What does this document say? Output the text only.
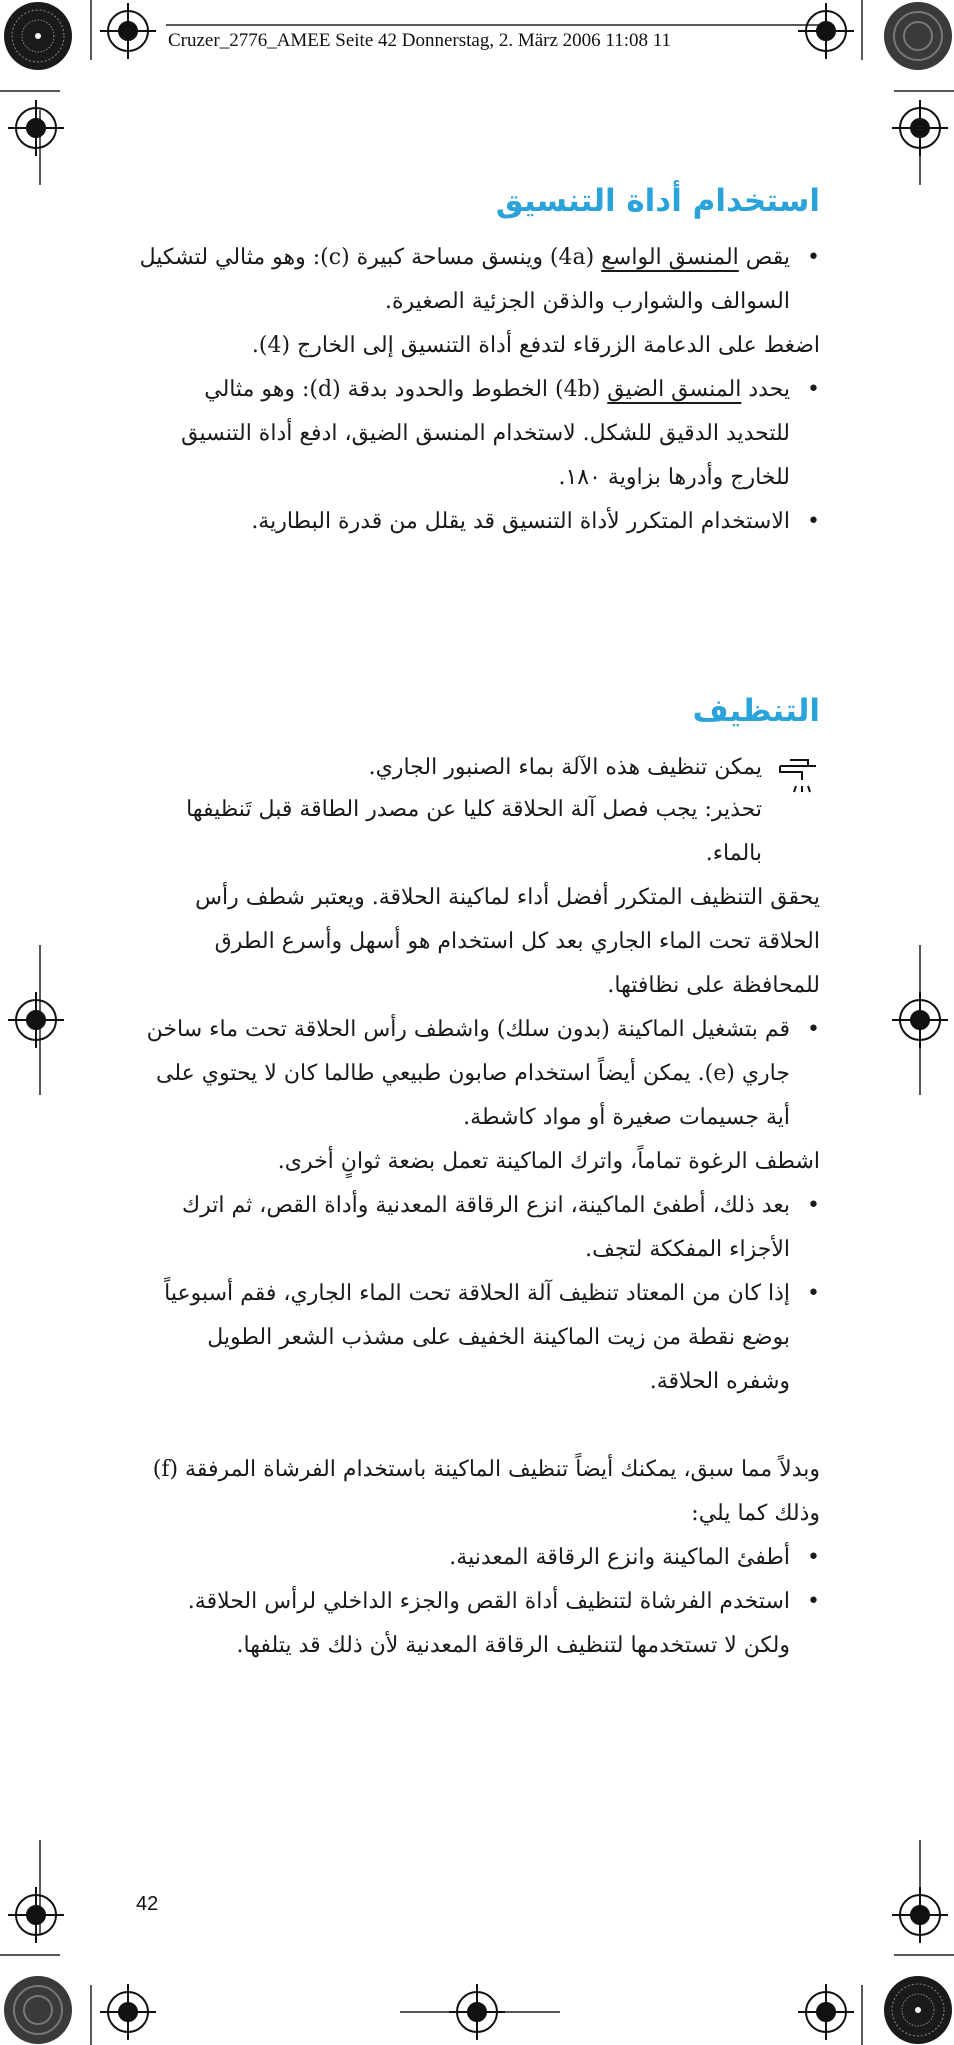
Cruzer_2776_AMEE Seite 42 Donnerstag, 2. März 2006 11:08 11
استخدام أداة التنسيق
• يقص المنسق الواسع (4a) وينسق مساحة كبيرة (c): وهو مثالي لتشكيل السوالف والشوارب والذقن الجزئية الصغيرة.

اضغط على الدعامة الزرقاء لتدفع أداة التنسيق إلى الخارج (4).

• يحدد المنسق الضيق (4b) الخطوط والحدود بدقة (d): وهو مثالي للتحديد الدقيق للشكل. لاستخدام المنسق الضيق، ادفع أداة التنسيق للخارج وأدرها بزاوية ١٨٠.
• الاستخدام المتكرر لأداة التنسيق قد يقلل من قدرة البطارية.
التنظيف
يمكن تنظيف هذه الآلة بماء الصنبور الجاري.
تحذير: يجب فصل آلة الحلاقة كليا عن مصدر الطاقة قبل تَنظيفها بالماء.

يحقق التنظيف المتكرر أفضل أداء لماكينة الحلاقة. ويعتبر شطف رأس الحلاقة تحت الماء الجاري بعد كل استخدام هو أسهل وأسرع الطرق للمحافظة على نظافتها.

• قم بتشغيل الماكينة (بدون سلك) واشطف رأس الحلاقة تحت ماء ساخن جاري (e). يمكن أيضاً استخدام صابون طبيعي طالما كان لا يحتوي على أية جسيمات صغيرة أو مواد كاشطة.

اشطف الرغوة تماماً، واترك الماكينة تعمل بضعة ثوانٍ أخرى.

• بعد ذلك، أطفئ الماكينة، انزع الرقاقة المعدنية وأداة القص، ثم اترك الأجزاء المفككة لتجف.
• إذا كان من المعتاد تنظيف آلة الحلاقة تحت الماء الجاري، فقم أسبوعياً بوضع نقطة من زيت الماكينة الخفيف على مشذب الشعر الطويل وشفره الحلاقة.

وبدلاً مما سبق، يمكنك أيضاً تنظيف الماكينة باستخدام الفرشاة المرفقة (f) وذلك كما يلي:

• أطفئ الماكينة وانزع الرقاقة المعدنية.
• استخدم الفرشاة لتنظيف أداة القص والجزء الداخلي لرأس الحلاقة. ولكن لا تستخدمها لتنظيف الرقاقة المعدنية لأن ذلك قد يتلفها.
42
